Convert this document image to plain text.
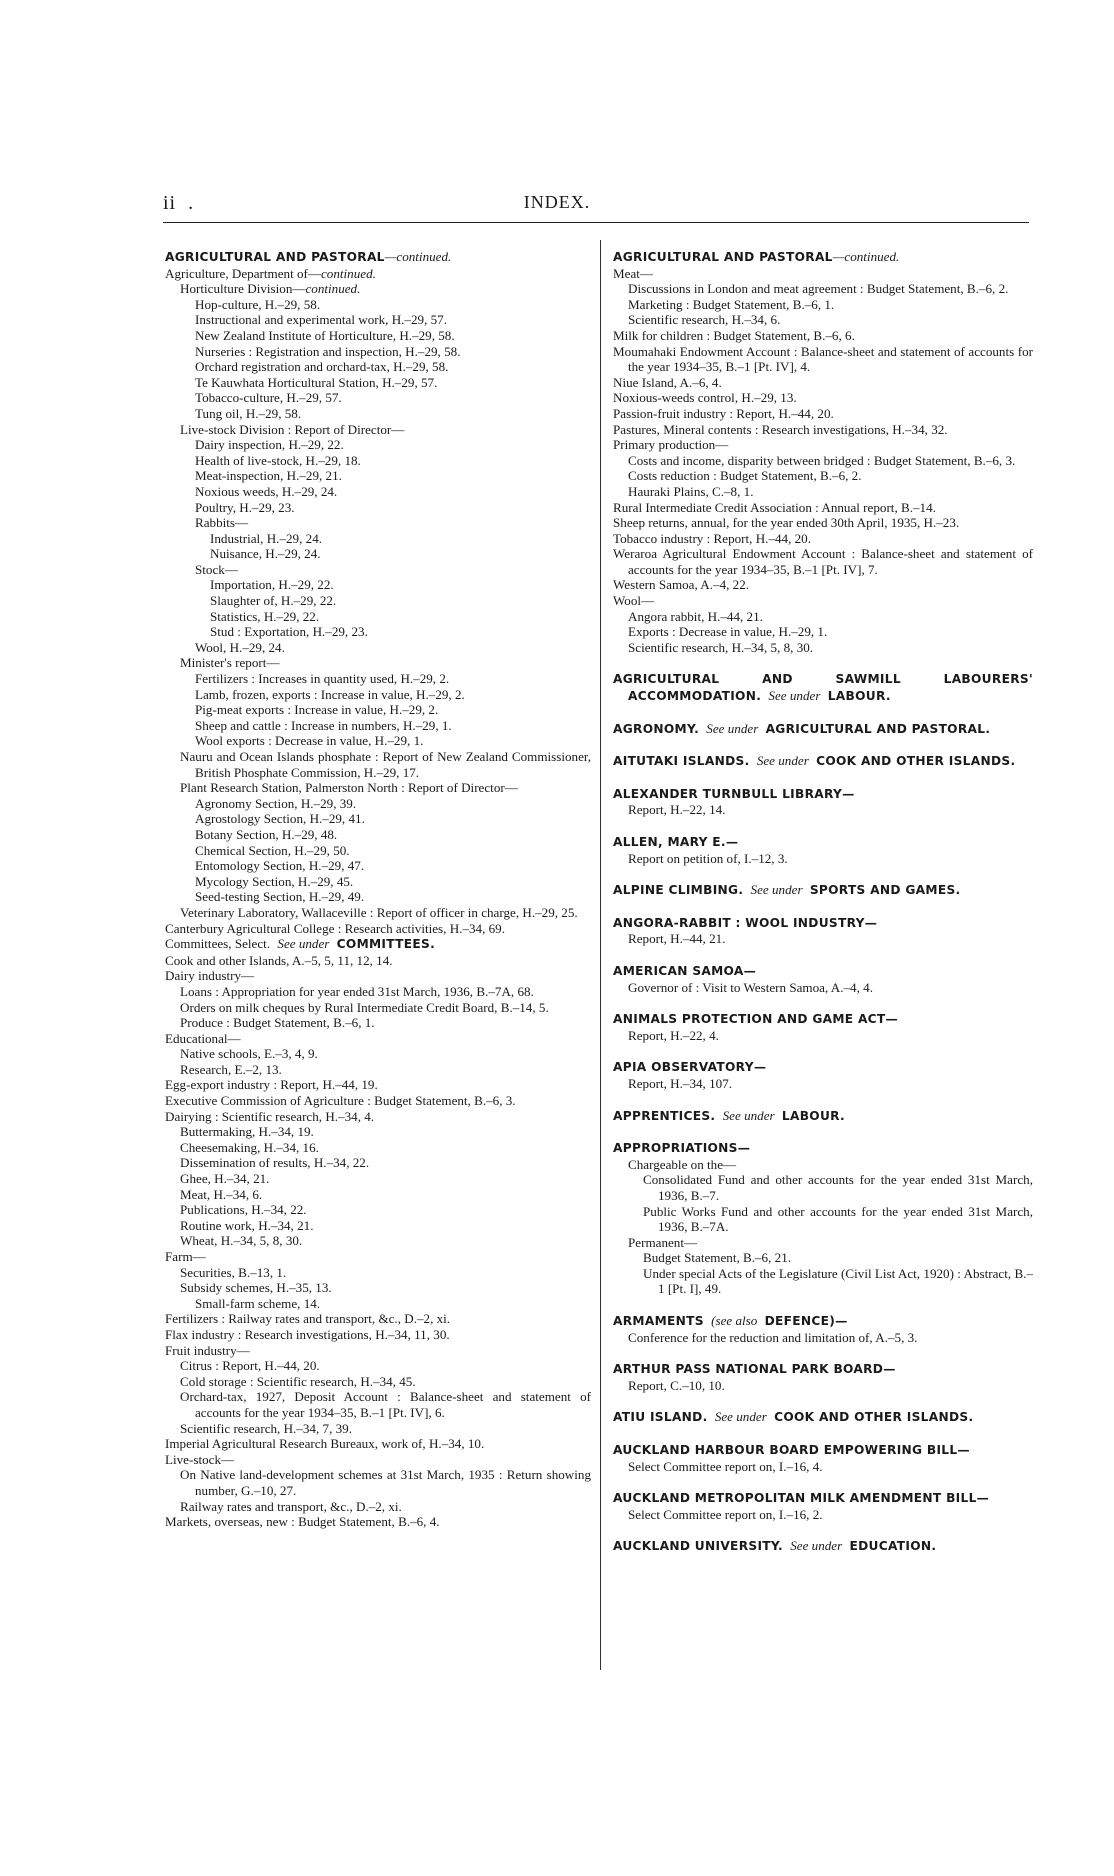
ii .	INDEX.
AGRICULTURAL AND PASTORAL—continued.
Agriculture, Department of—continued.
Horticulture Division—continued.
Hop-culture, H.–29, 58.
Instructional and experimental work, H.–29, 57.
New Zealand Institute of Horticulture, H.–29, 58.
Nurseries : Registration and inspection, H.–29, 58.
Orchard registration and orchard-tax, H.–29, 58.
Te Kauwhata Horticultural Station, H.–29, 57.
Tobacco-culture, H.–29, 57.
Tung oil, H.–29, 58.
Live-stock Division : Report of Director—
Dairy inspection, H.–29, 22.
Health of live-stock, H.–29, 18.
Meat-inspection, H.–29, 21.
Noxious weeds, H.–29, 24.
Poultry, H.–29, 23.
Rabbits—
Industrial, H.–29, 24.
Nuisance, H.–29, 24.
Stock—
Importation, H.–29, 22.
Slaughter of, H.–29, 22.
Statistics, H.–29, 22.
Stud : Exportation, H.–29, 23.
Wool, H.–29, 24.
Minister's report—
Fertilizers : Increases in quantity used, H.–29, 2.
Lamb, frozen, exports : Increase in value, H.–29, 2.
Pig-meat exports : Increase in value, H.–29, 2.
Sheep and cattle : Increase in numbers, H.–29, 1.
Wool exports : Decrease in value, H.–29, 1.
Nauru and Ocean Islands phosphate : Report of New Zealand Commissioner, British Phosphate Commission, H.–29, 17.
Plant Research Station, Palmerston North : Report of Director—
Agronomy Section, H.–29, 39.
Agrostology Section, H.–29, 41.
Botany Section, H.–29, 48.
Chemical Section, H.–29, 50.
Entomology Section, H.–29, 47.
Mycology Section, H.–29, 45.
Seed-testing Section, H.–29, 49.
Veterinary Laboratory, Wallaceville : Report of officer in charge, H.–29, 25.
Canterbury Agricultural College : Research activities, H.–34, 69.
Committees, Select. See under COMMITTEES.
Cook and other Islands, A.–5, 5, 11, 12, 14.
Dairy industry—
Loans : Appropriation for year ended 31st March, 1936, B.–7A, 68.
Orders on milk cheques by Rural Intermediate Credit Board, B.–14, 5.
Produce : Budget Statement, B.–6, 1.
Educational—
Native schools, E.–3, 4, 9.
Research, E.–2, 13.
Egg-export industry : Report, H.–44, 19.
Executive Commission of Agriculture : Budget Statement, B.–6, 3.
Dairying : Scientific research, H.–34, 4.
Buttermaking, H.–34, 19.
Cheesemaking, H.–34, 16.
Dissemination of results, H.–34, 22.
Ghee, H.–34, 21.
Meat, H.–34, 6.
Publications, H.–34, 22.
Routine work, H.–34, 21.
Wheat, H.–34, 5, 8, 30.
Farm—
Securities, B.–13, 1.
Subsidy schemes, H.–35, 13.
Small-farm scheme, 14.
Fertilizers : Railway rates and transport, &c., D.–2, xi.
Flax industry : Research investigations, H.–34, 11, 30.
Fruit industry—
Citrus : Report, H.–44, 20.
Cold storage : Scientific research, H.–34, 45.
Orchard-tax, 1927, Deposit Account : Balance-sheet and statement of accounts for the year 1934–35, B.–1 [Pt. IV], 6.
Scientific research, H.–34, 7, 39.
Imperial Agricultural Research Bureaux, work of, H.–34, 10.
Live-stock—
On Native land-development schemes at 31st March, 1935 : Return showing number, G.–10, 27.
Railway rates and transport, &c., D.–2, xi.
Markets, overseas, new : Budget Statement, B.–6, 4.
AGRICULTURAL AND PASTORAL—continued.
Meat—
Discussions in London and meat agreement : Budget Statement, B.–6, 2.
Marketing : Budget Statement, B.–6, 1.
Scientific research, H.–34, 6.
Milk for children : Budget Statement, B.–6, 6.
Moumahaki Endowment Account : Balance-sheet and statement of accounts for the year 1934–35, B.–1 [Pt. IV], 4.
Niue Island, A.–6, 4.
Noxious-weeds control, H.–29, 13.
Passion-fruit industry : Report, H.–44, 20.
Pastures, Mineral contents : Research investigations, H.–34, 32.
Primary production—
Costs and income, disparity between bridged : Budget Statement, B.–6, 3.
Costs reduction : Budget Statement, B.–6, 2.
Hauraki Plains, C.–8, 1.
Rural Intermediate Credit Association : Annual report, B.–14.
Sheep returns, annual, for the year ended 30th April, 1935, H.–23.
Tobacco industry : Report, H.–44, 20.
Weraroa Agricultural Endowment Account : Balance-sheet and statement of accounts for the year 1934–35, B.–1 [Pt. IV], 7.
Western Samoa, A.–4, 22.
Wool—
Angora rabbit, H.–44, 21.
Exports : Decrease in value, H.–29, 1.
Scientific research, H.–34, 5, 8, 30.
AGRICULTURAL AND SAWMILL LABOURERS' ACCOMMODATION. See under LABOUR.
AGRONOMY. See under AGRICULTURAL AND PASTORAL.
AITUTAKI ISLANDS. See under COOK AND OTHER ISLANDS.
ALEXANDER TURNBULL LIBRARY—
Report, H.–22, 14.
ALLEN, MARY E.—
Report on petition of, I.–12, 3.
ALPINE CLIMBING. See under SPORTS AND GAMES.
ANGORA-RABBIT : WOOL INDUSTRY—
Report, H.–44, 21.
AMERICAN SAMOA—
Governor of : Visit to Western Samoa, A.–4, 4.
ANIMALS PROTECTION AND GAME ACT—
Report, H.–22, 4.
APIA OBSERVATORY—
Report, H.–34, 107.
APPRENTICES. See under LABOUR.
APPROPRIATIONS—
Chargeable on the—
Consolidated Fund and other accounts for the year ended 31st March, 1936, B.–7.
Public Works Fund and other accounts for the year ended 31st March, 1936, B.–7A.
Permanent—
Budget Statement, B.–6, 21.
Under special Acts of the Legislature (Civil List Act, 1920) : Abstract, B.–1 [Pt. I], 49.
ARMAMENTS (see also DEFENCE)—
Conference for the reduction and limitation of, A.–5, 3.
ARTHUR PASS NATIONAL PARK BOARD—
Report, C.–10, 10.
ATIU ISLAND. See under COOK AND OTHER ISLANDS.
AUCKLAND HARBOUR BOARD EMPOWERING BILL—
Select Committee report on, I.–16, 4.
AUCKLAND METROPOLITAN MILK AMENDMENT BILL—
Select Committee report on, I.–16, 2.
AUCKLAND UNIVERSITY. See under EDUCATION.
